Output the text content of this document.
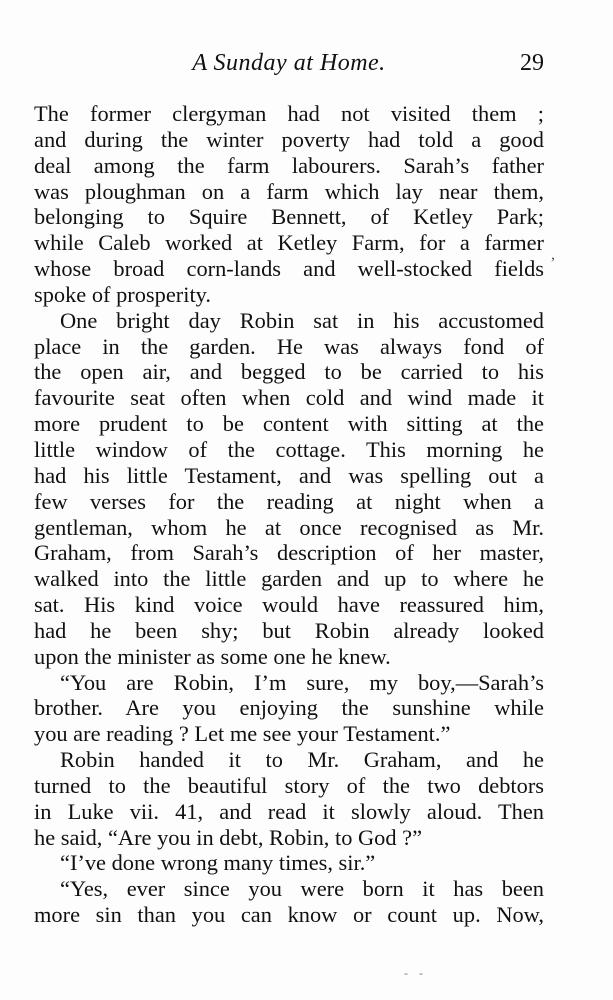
A Sunday at Home.	29
The former clergyman had not visited them ;
and during the winter poverty had told a good
deal among the farm labourers. Sarah’s father
was ploughman on a farm which lay near them,
belonging to Squire Bennett, of Ketley Park;
while Caleb worked at Ketley Farm, for a farmer
whose broad corn-lands and well-stocked fields
spoke of prosperity.
One bright day Robin sat in his accustomed
place in the garden. He was always fond of
the open air, and begged to be carried to his
favourite seat often when cold and wind made it
more prudent to be content with sitting at the
little window of the cottage. This morning he
had his little Testament, and was spelling out a
few verses for the reading at night when a
gentleman, whom he at once recognised as Mr.
Graham, from Sarah’s description of her master,
walked into the little garden and up to where he
sat. His kind voice would have reassured him,
had he been shy; but Robin already looked
upon the minister as some one he knew.
“You are Robin, I’m sure, my boy,—Sarah’s
brother. Are you enjoying the sunshine while
you are reading ? Let me see your Testament.”
Robin handed it to Mr. Graham, and he
turned to the beautiful story of the two debtors
in Luke vii. 41, and read it slowly aloud. Then
he said, “Are you in debt, Robin, to God ?”
“I’ve done wrong many times, sir.”
“Yes, ever since you were born it has been
more sin than you can know or count up. Now,
,
- -
